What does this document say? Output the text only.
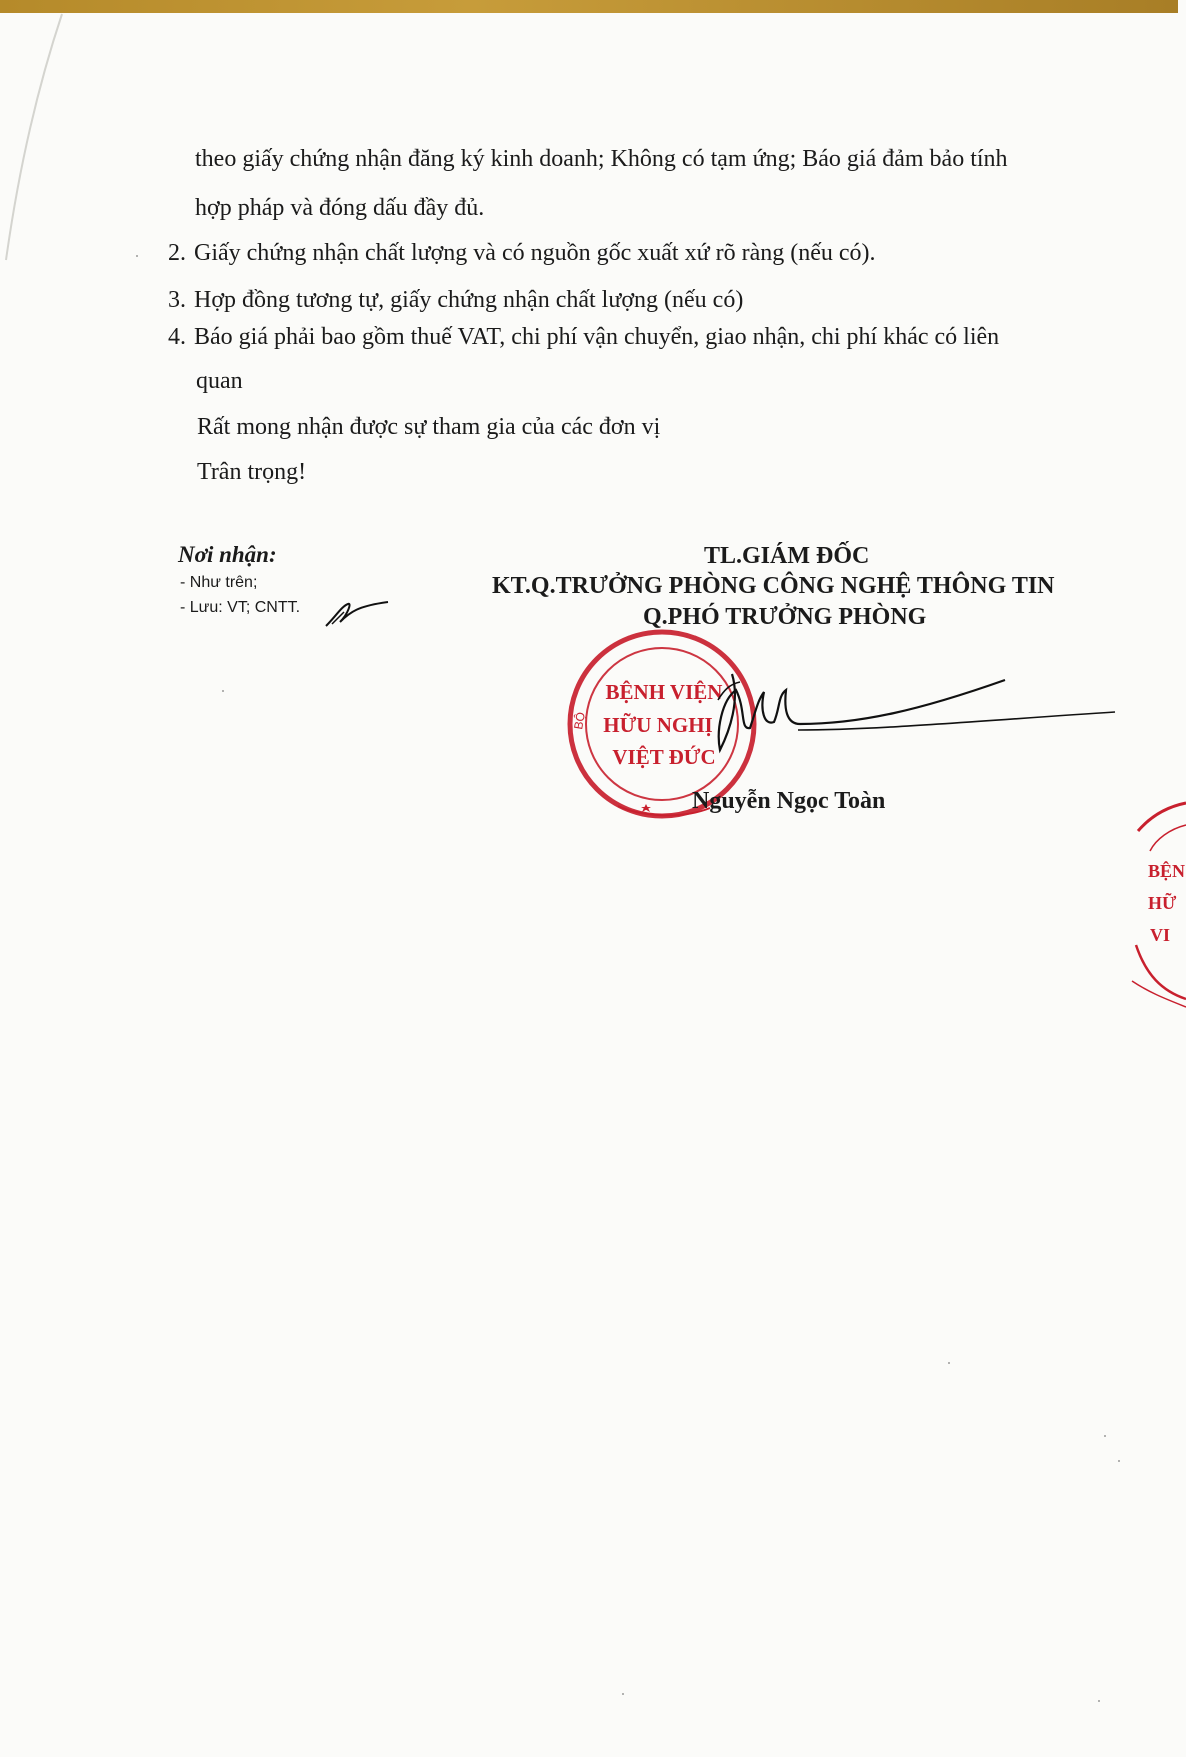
theo giấy chứng nhận đăng ký kinh doanh; Không có tạm ứng; Báo giá đảm bảo tính
hợp pháp và đóng dấu đầy đủ.
2. Giấy chứng nhận chất lượng và có nguồn gốc xuất xứ rõ ràng (nếu có).
3. Hợp đồng tương tự, giấy chứng nhận chất lượng (nếu có)
4. Báo giá phải bao gồm thuế VAT, chi phí vận chuyển, giao nhận, chi phí khác có liên
quan
Rất mong nhận được sự tham gia của các đơn vị
Trân trọng!
Nơi nhận:
- Như trên;
- Lưu: VT; CNTT.
TL.GIÁM ĐỐC
KT.Q.TRƯỞNG PHÒNG CÔNG NGHỆ THÔNG TIN
Q.PHÓ TRƯỞNG PHÒNG
BỆNH VIỆN
HỮU NGHỊ
VIỆT ĐỨC
BỘ
Nguyễn Ngọc Toàn
BỆN
HỮ
VI
